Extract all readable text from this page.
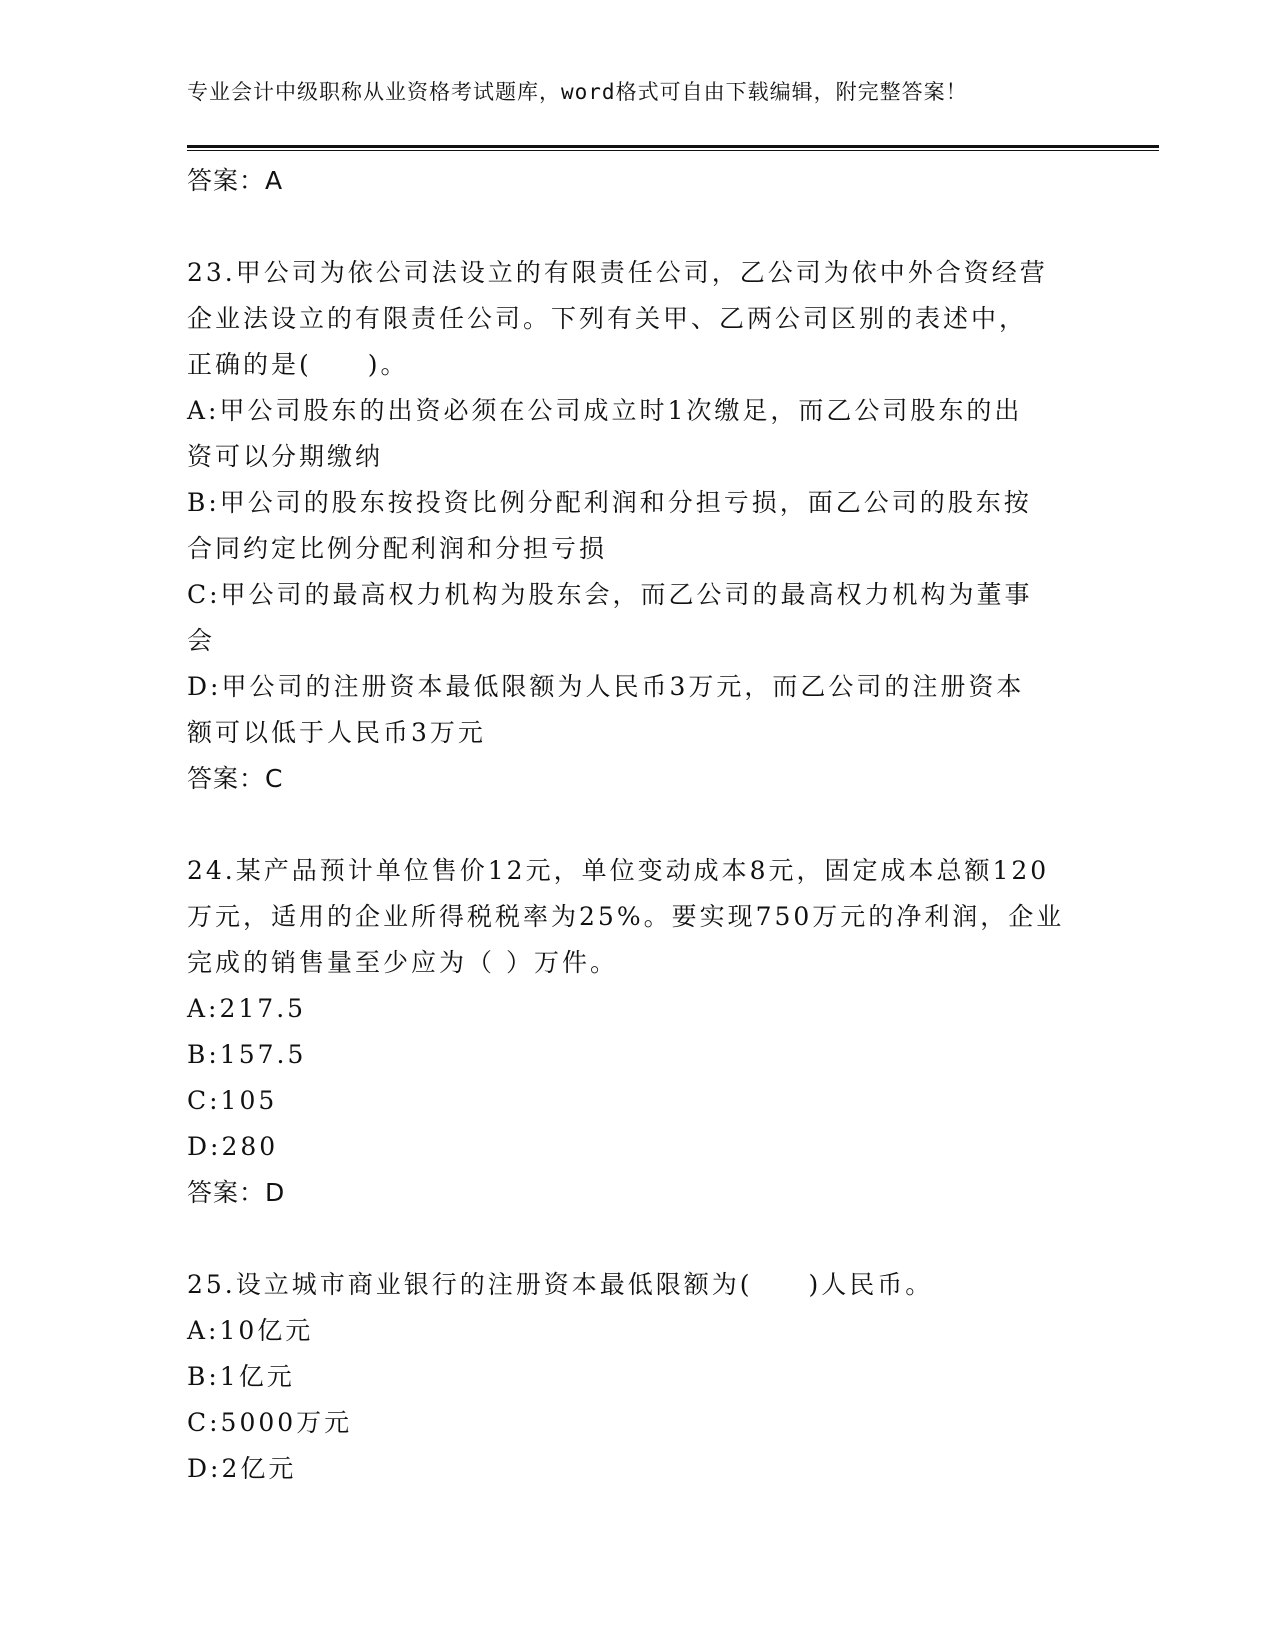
专业会计中级职称从业资格考试题库，word格式可自由下载编辑，附完整答案！
答案：A
23.甲公司为依公司法设立的有限责任公司，乙公司为依中外合资经营
企业法设立的有限责任公司。下列有关甲、乙两公司区别的表述中，
正确的是(　　)。
A:甲公司股东的出资必须在公司成立时1次缴足，而乙公司股东的出
资可以分期缴纳
B:甲公司的股东按投资比例分配利润和分担亏损，面乙公司的股东按
合同约定比例分配利润和分担亏损
C:甲公司的最高权力机构为股东会，而乙公司的最高权力机构为董事
会
D:甲公司的注册资本最低限额为人民币3万元，而乙公司的注册资本
额可以低于人民币3万元
答案：C
24.某产品预计单位售价12元，单位变动成本8元，固定成本总额120
万元，适用的企业所得税税率为25%。要实现750万元的净利润，企业
完成的销售量至少应为（ ）万件。
A:217.5
B:157.5
C:105
D:280
答案：D
25.设立城市商业银行的注册资本最低限额为(　　)人民币。
A:10亿元
B:1亿元
C:5000万元
D:2亿元
